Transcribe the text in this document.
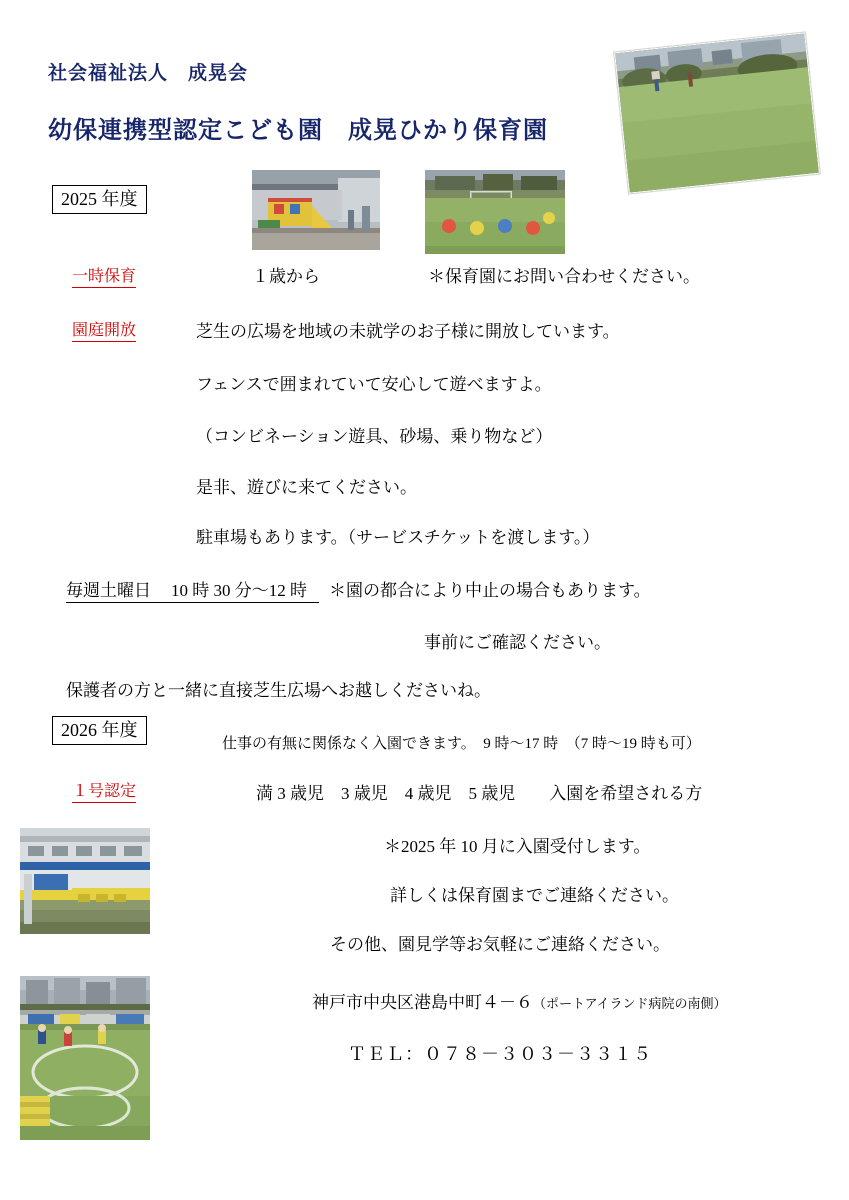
社会福祉法人　成晃会
幼保連携型認定こども園　成晃ひかり保育園
2025 年度
一時保育	１歳から	＊保育園にお問い合わせください。
園庭開放	芝生の広場を地域の未就学のお子様に開放しています。
フェンスで囲まれていて安心して遊べますよ。
（コンビネーション遊具、砂場、乗り物など）
是非、遊びに来てください。
駐車場もあります。（サービスチケットを渡します。）
毎週土曜日 10 時 30 分〜12 時 ＊園の都合により中止の場合もあります。
事前にご確認ください。
保護者の方と一緒に直接芝生広場へお越しくださいね。
2026 年度
仕事の有無に関係なく入園できます。　9 時〜17 時　（7 時〜19 時も可）
１号認定	満 3 歳児　3 歳児　4 歳児　5 歳児　　入園を希望される方
＊2025 年 10 月に入園受付します。
詳しくは保育園までご連絡ください。
その他、園見学等お気軽にご連絡ください。
神戸市中央区港島中町４－６（ポートアイランド病院の南側）
ＴＥＬ：０７８－３０３－３３１５
